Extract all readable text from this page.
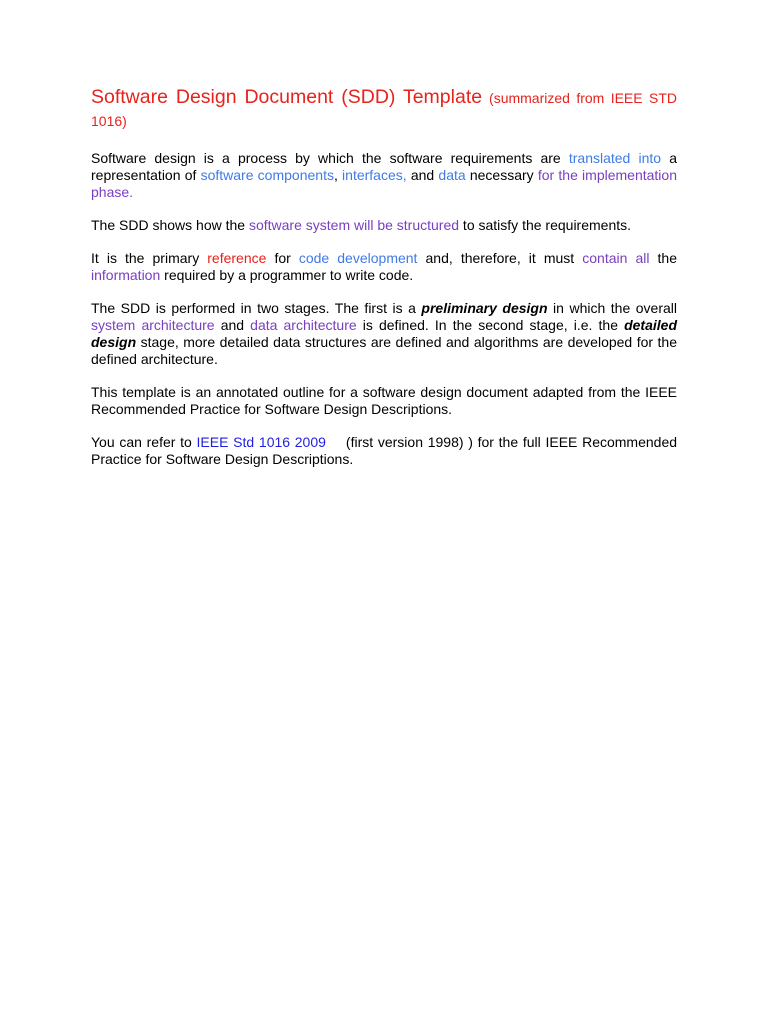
Software Design Document (SDD) Template (summarized from IEEE STD 1016)

Software design is a process by which the software requirements are translated into a representation of software components, interfaces, and data necessary for the implementation phase.

The SDD shows how the software system will be structured to satisfy the requirements.

It is the primary reference for code development and, therefore, it must contain all the information required by a programmer to write code.

The SDD is performed in two stages. The first is a preliminary design in which the overall system architecture and data architecture is defined. In the second stage, i.e. the detailed design stage, more detailed data structures are defined and algorithms are developed for the defined architecture.

This template is an annotated outline for a software design document adapted from the IEEE Recommended Practice for Software Design Descriptions.

You can refer to IEEE Std 1016 2009 (first version 1998) ) for the full IEEE Recommended Practice for Software Design Descriptions.
